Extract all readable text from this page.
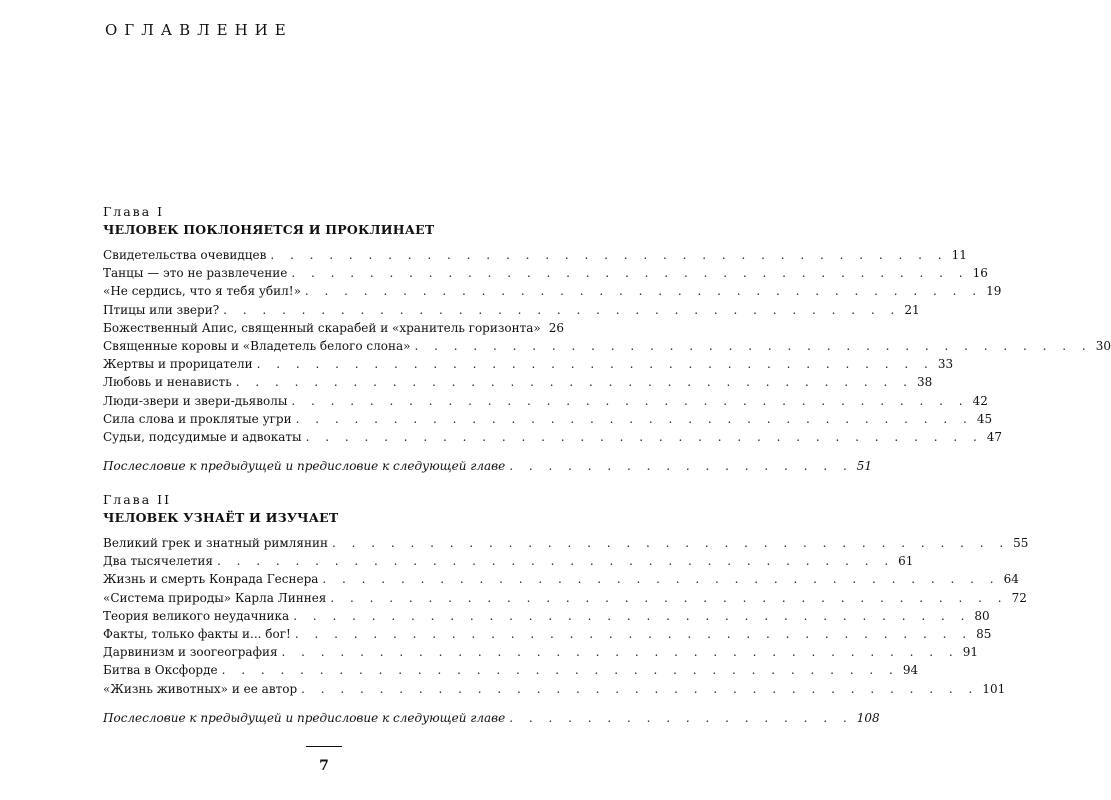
ОГЛАВЛЕНИЕ
Глава I
ЧЕЛОВЕК ПОКЛОНЯЕТСЯ И ПРОКЛИНАЕТ
Свидетельства очевидцев . . . . . . . . . . . . . . . . . . . . . . . . . . . . . . . . . . . 11
Танцы — это не развлечение . . . . . . . . . . . . . . . . . . . . . . . . . . . . . . . . . . . 16
«Не сердись, что я тебя убил!» . . . . . . . . . . . . . . . . . . . . . . . . . . . . . . . . . . . 19
Птицы или звери? . . . . . . . . . . . . . . . . . . . . . . . . . . . . . . . . . . . 21
Божественный Апис, священный скарабей и «хранитель горизонта» 26
Священные коровы и «Владетель белого слона» . . . . . . . . . . . . . . . . . . . . . . . . . . . . . . . . . . . 30
Жертвы и прорицатели . . . . . . . . . . . . . . . . . . . . . . . . . . . . . . . . . . . 33
Любовь и ненависть . . . . . . . . . . . . . . . . . . . . . . . . . . . . . . . . . . . 38
Люди-звери и звери-дьяволы . . . . . . . . . . . . . . . . . . . . . . . . . . . . . . . . . . . 42
Сила слова и проклятые угри . . . . . . . . . . . . . . . . . . . . . . . . . . . . . . . . . . . 45
Судьи, подсудимые и адвокаты . . . . . . . . . . . . . . . . . . . . . . . . . . . . . . . . . . . 47
Послесловие к предыдущей и предисловие к следующей главе . . . . . . . . . . . . . . . . . . 51
Глава II
ЧЕЛОВЕК УЗНАЁТ И ИЗУЧАЕТ
Великий грек и знатный римлянин . . . . . . . . . . . . . . . . . . . . . . . . . . . . . . . . . . . 55
Два тысячелетия . . . . . . . . . . . . . . . . . . . . . . . . . . . . . . . . . . . 61
Жизнь и смерть Конрада Геснера . . . . . . . . . . . . . . . . . . . . . . . . . . . . . . . . . . . 64
«Система природы» Карла Линнея . . . . . . . . . . . . . . . . . . . . . . . . . . . . . . . . . . . 72
Теория великого неудачника . . . . . . . . . . . . . . . . . . . . . . . . . . . . . . . . . . . 80
Факты, только факты и... бог! . . . . . . . . . . . . . . . . . . . . . . . . . . . . . . . . . . . 85
Дарвинизм и зоогеография . . . . . . . . . . . . . . . . . . . . . . . . . . . . . . . . . . . 91
Битва в Оксфорде . . . . . . . . . . . . . . . . . . . . . . . . . . . . . . . . . . . 94
«Жизнь животных» и ее автор . . . . . . . . . . . . . . . . . . . . . . . . . . . . . . . . . . . 101
Послесловие к предыдущей и предисловие к следующей главе . . . . . . . . . . . . . . . . . . 108
7
